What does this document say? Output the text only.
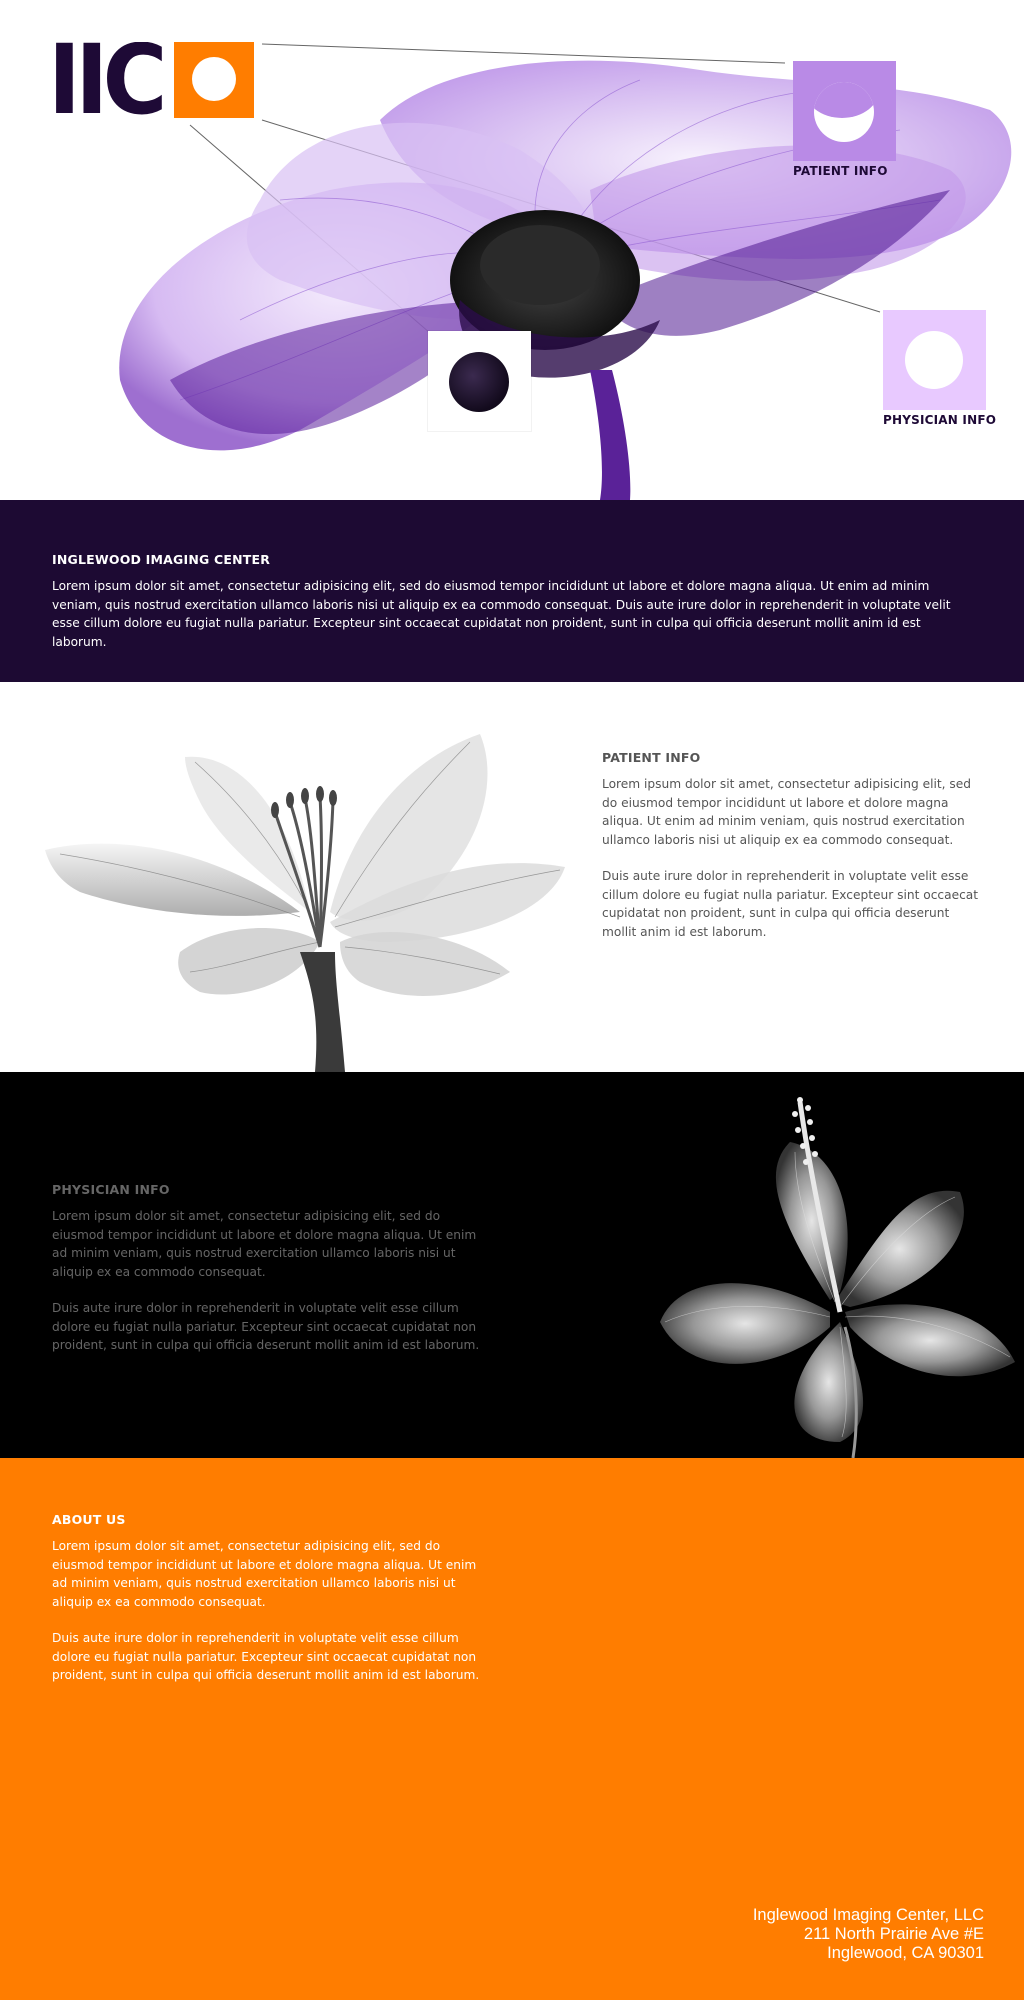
IIC
PATIENT INFO
PHYSICIAN INFO
ABOUT US
INGLEWOOD IMAGING CENTER

Lorem ipsum dolor sit amet, consectetur adipisicing elit, sed do eiusmod tempor incididunt ut labore et dolore magna aliqua. Ut enim ad minim veniam, quis nostrud exercitation ullamco laboris nisi ut aliquip ex ea commodo consequat. Duis aute irure dolor in reprehenderit in voluptate velit esse cillum dolore eu fugiat nulla pariatur. Excepteur sint occaecat cupidatat non proident, sunt in culpa qui officia deserunt mollit anim id est laborum.

PATIENT INFO

Lorem ipsum dolor sit amet, consectetur adipisicing elit, sed do eiusmod tempor incididunt ut labore et dolore magna aliqua. Ut enim ad minim veniam, quis nostrud exercitation ullamco laboris nisi ut aliquip ex ea commodo consequat.

Duis aute irure dolor in reprehenderit in voluptate velit esse cillum dolore eu fugiat nulla pariatur. Excepteur sint occaecat cupidatat non proident, sunt in culpa qui officia deserunt mollit anim id est laborum.

PHYSICIAN INFO

Lorem ipsum dolor sit amet, consectetur adipisicing elit, sed do eiusmod tempor incididunt ut labore et dolore magna aliqua. Ut enim ad minim veniam, quis nostrud exercitation ullamco laboris nisi ut aliquip ex ea commodo consequat.

Duis aute irure dolor in reprehenderit in voluptate velit esse cillum dolore eu fugiat nulla pariatur. Excepteur sint occaecat cupidatat non proident, sunt in culpa qui officia deserunt mollit anim id est laborum.

ABOUT US

Lorem ipsum dolor sit amet, consectetur adipisicing elit, sed do eiusmod tempor incididunt ut labore et dolore magna aliqua. Ut enim ad minim veniam, quis nostrud exercitation ullamco laboris nisi ut aliquip ex ea commodo consequat.

Duis aute irure dolor in reprehenderit in voluptate velit esse cillum dolore eu fugiat nulla pariatur. Excepteur sint occaecat cupidatat non proident, sunt in culpa qui officia deserunt mollit anim id est laborum.

Inglewood Imaging Center, LLC
211 North Prairie Ave #E
Inglewood, CA 90301
